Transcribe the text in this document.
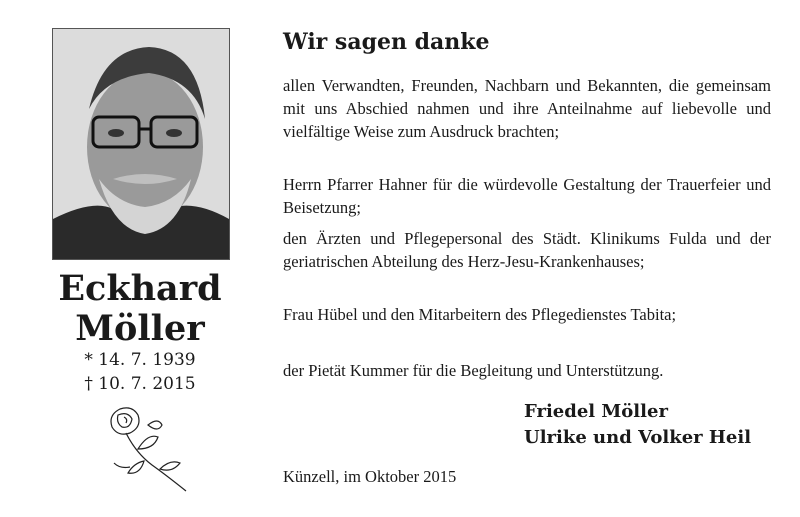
Eckhard
Möller
* 14. 7. 1939
† 10. 7. 2015
Wir sagen danke
allen Verwandten, Freunden, Nachbarn und Bekannten, die gemeinsam mit uns Abschied nahmen und ihre Anteilnahme auf liebevolle und vielfältige Weise zum Ausdruck brachten;
Herrn Pfarrer Hahner für die würdevolle Gestaltung der Trauerfeier und Beisetzung;
den Ärzten und Pflegepersonal des Städt. Klinikums Fulda und der geriatrischen Abteilung des Herz-Jesu-Krankenhauses;
Frau Hübel und den Mitarbeitern des Pflegedienstes Tabita;
der Pietät Kummer für die Begleitung und Unterstützung.
Friedel Möller
Ulrike und Volker Heil
Künzell, im Oktober 2015
